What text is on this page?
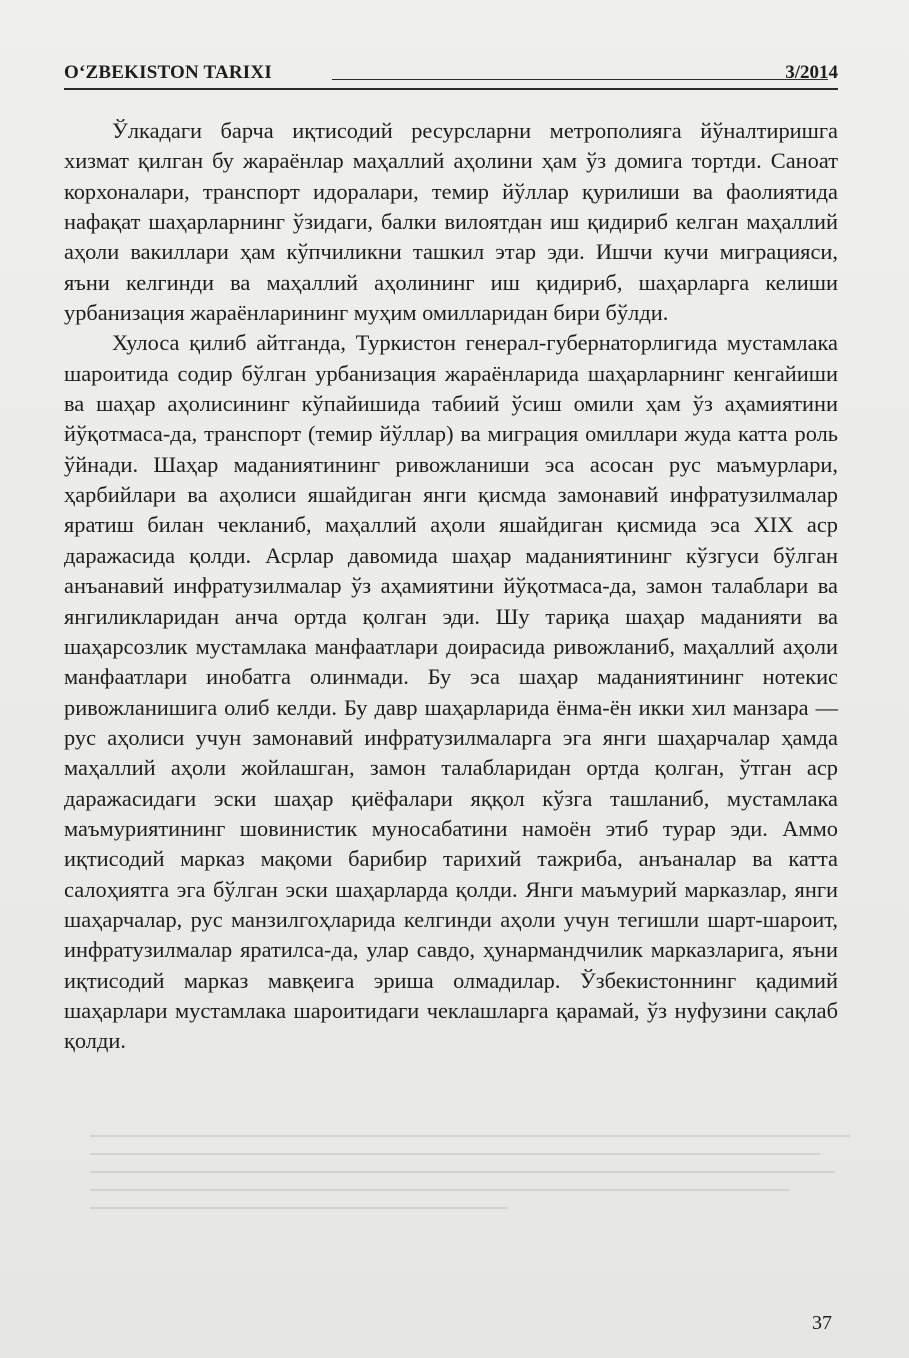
O‘ZBEKISTON TARIXI	3/2014

Ўлкадаги барча иқтисодий ресурсларни метрополияга йўналтиришга хизмат қилган бу жараёнлар маҳаллий аҳолини ҳам ўз домига тортди. Саноат корхоналари, транспорт идоралари, темир йўллар қурилиши ва фаолиятида нафақат шаҳарларнинг ўзидаги, балки вилоятдан иш қидириб келган маҳаллий аҳоли вакиллари ҳам кўпчиликни ташкил этар эди. Ишчи кучи миграцияси, яъни келгинди ва маҳаллий аҳолининг иш қидириб, шаҳарларга келиши урбанизация жараёнларининг муҳим омилларидан бири бўлди.

Хулоса қилиб айтганда, Туркистон генерал-губернаторлигида мустамлака шароитида содир бўлган урбанизация жараёнларида шаҳарларнинг кенгайиши ва шаҳар аҳолисининг кўпайишида табиий ўсиш омили ҳам ўз аҳамиятини йўқотмаса-да, транспорт (темир йўллар) ва миграция омиллари жуда катта роль ўйнади. Шаҳар маданиятининг ривожланиши эса асосан рус маъмурлари, ҳарбийлари ва аҳолиси яшайдиган янги қисмда замонавий инфратузилмалар яратиш билан чекланиб, маҳаллий аҳоли яшайдиган қисмида эса XIX аср даражасида қолди. Асрлар давомида шаҳар маданиятининг кўзгуси бўлган анъанавий инфратузилмалар ўз аҳамиятини йўқотмаса-да, замон талаблари ва янгиликларидан анча ортда қолган эди. Шу тариқа шаҳар маданияти ва шаҳарсозлик мустамлака манфаатлари доирасида ривожланиб, маҳаллий аҳоли манфаатлари инобатга олинмади. Бу эса шаҳар маданиятининг нотекис ривожланишига олиб келди. Бу давр шаҳарларида ёнма-ён икки хил манзара — рус аҳолиси учун замонавий инфратузилмаларга эга янги шаҳарчалар ҳамда маҳаллий аҳоли жойлашган, замон талабларидан ортда қолган, ўтган аср даражасидаги эски шаҳар қиёфалари яққол кўзга ташланиб, мустамлака маъмуриятининг шовинистик муносабатини намоён этиб турар эди. Аммо иқтисодий марказ мақоми барибир тарихий тажриба, анъаналар ва катта салоҳиятга эга бўлган эски шаҳарларда қолди. Янги маъмурий марказлар, янги шаҳарчалар, рус манзилгоҳларида келгинди аҳоли учун тегишли шарт-шароит, инфратузилмалар яратилса-да, улар савдо, ҳунармандчилик марказларига, яъни иқтисодий марказ мавқеига эриша олмадилар. Ўзбекистоннинг қадимий шаҳарлари мустамлака шароитидаги чеклашларга қарамай, ўз нуфузини сақлаб қолди.

37
